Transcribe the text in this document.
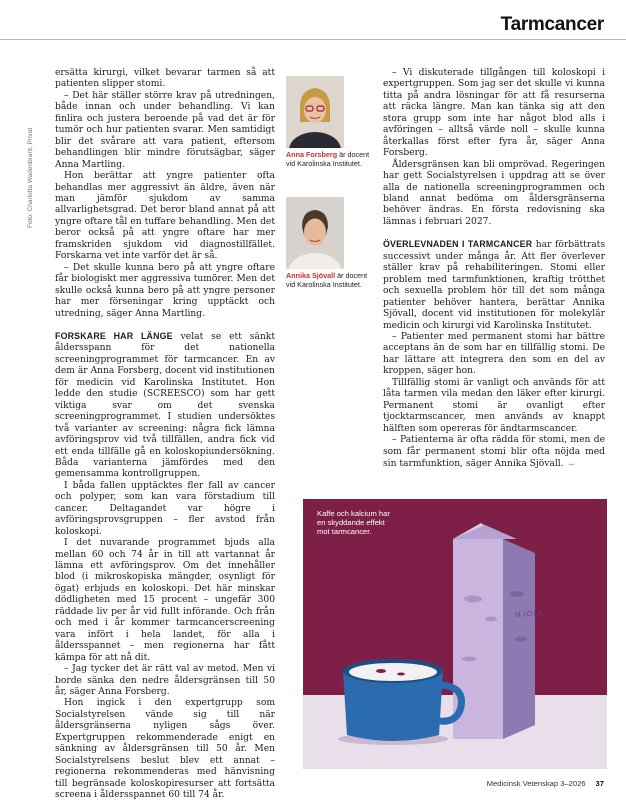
Tarmcancer
Foto: Charlotta Wadenbrant, Privat

ersätta kirurgi, vilket bevarar tarmen så att patienten slipper stomi.

– Det här ställer större krav på utredningen, både innan och under behandling. Vi kan finlira och justera beroende på vad det är för tumör och hur patienten svarar. Men samtidigt blir det svårare att vara patient, eftersom behandlingen blir mindre förutsägbar, säger Anna Martling.

Hon berättar att yngre patienter ofta behandlas mer aggressivt än äldre, även när man jämför sjukdom av samma allvarlighetsgrad. Det beror bland annat på att yngre oftare tål en tuffare behandling. Men det beror också på att yngre oftare har mer framskriden sjukdom vid diagnostillfället. Forskarna vet inte varför det är så.

– Det skulle kunna bero på att yngre oftare får biologiskt mer aggressiva tumörer. Men det skulle också kunna bero på att yngre personer har mer förseningar kring upptäckt och utredning, säger Anna Martling.

FORSKARE HAR LÄNGE velat se ett sänkt åldersspann för det nationella screeningprogrammet för tarmcancer. En av dem är Anna Forsberg, docent vid institutionen för medicin vid Karolinska Institutet. Hon ledde den studie (SCREESCO) som har gett viktiga svar om det svenska screeningprogrammet. I studien undersöktes två varianter av screening: några fick lämna avföringsprov vid två tillfällen, andra fick vid ett enda tillfälle gå en koloskopiundersökning. Båda varianterna jämfördes med den gemensamma kontrollgruppen.

I båda fallen upptäcktes fler fall av cancer och polyper, som kan vara förstadium till cancer. Deltagandet var högre i avföringsprovsgruppen – fler avstod från koloskopi.

I det nuvarande programmet bjuds alla mellan 60 och 74 år in till att vartannat år lämna ett avföringsprov. Om det innehåller blod (i mikroskopiska mängder, osynligt för ögat) erbjuds en koloskopi. Det här minskar dödligheten med 15 procent – ungefär 300 räddade liv per år vid fullt införande. Och från och med i år kommer tarmcancerscreening vara infört i hela landet, för alla i åldersspannet – men regionerna har fått kämpa för att nå dit.

– Jag tycker det är rätt val av metod. Men vi borde sänka den nedre åldersgränsen till 50 år, säger Anna Forsberg.

Hon ingick i den expertgrupp som Socialstyrelsen vände sig till när åldersgränserna nyligen sågs över. Expertgruppen rekommenderade enigt en sänkning av åldersgränsen till 50 år. Men Socialstyrelsens beslut blev ett annat – regionerna rekommenderas med hänvisning till begränsade koloskopiresurser att fortsätta screena i åldersspannet 60 till 74 år.

Anna Forsberg är docent vid Karolinska Institutet.
Annika Sjövall är docent vid Karolinska Institutet.

– Vi diskuterade tillgången till koloskopi i expertgruppen. Som jag ser det skulle vi kunna titta på andra lösningar för att få resurserna att räcka längre. Man kan tänka sig att den stora grupp som inte har något blod alls i avföringen – alltså värde noll – skulle kunna återkallas först efter fyra år, säger Anna Forsberg.

Åldersgränsen kan bli omprövad. Regeringen har gett Socialstyrelsen i uppdrag att se över alla de nationella screeningprogrammen och bland annat bedöma om åldersgränserna behöver ändras. En första redovisning ska lämnas i februari 2027.

ÖVERLEVNADEN I TARMCANCER har förbättrats successivt under många år. Att fler överlever ställer krav på rehabiliteringen. Stomi eller problem med tarmfunktionen, kraftig trötthet och sexuella problem hör till det som många patienter behöver hantera, berättar Annika Sjövall, docent vid institutionen för molekylär medicin och kirurgi vid Karolinska Institutet.

– Patienter med permanent stomi har bättre acceptans än de som har en tillfällig stomi. De har lättare att integrera den som en del av kroppen, säger hon.

Tillfällig stomi är vanligt och används för att låta tarmen vila medan den läker efter kirurgi. Permanent stomi är ovanligt efter tjocktarmscancer, men används av knappt hälften som opereras för ändtarmscancer.

– Patienterna är ofta rädda för stomi, men de som får permanent stomi blir ofta nöjda med sin tarmfunktion, säger Annika Sjövall. →

MJÖLK
Kaffe och kalcium har en skyddande effekt mot tarmcancer.
Medicinsk Vetenskap 3–2026 37
